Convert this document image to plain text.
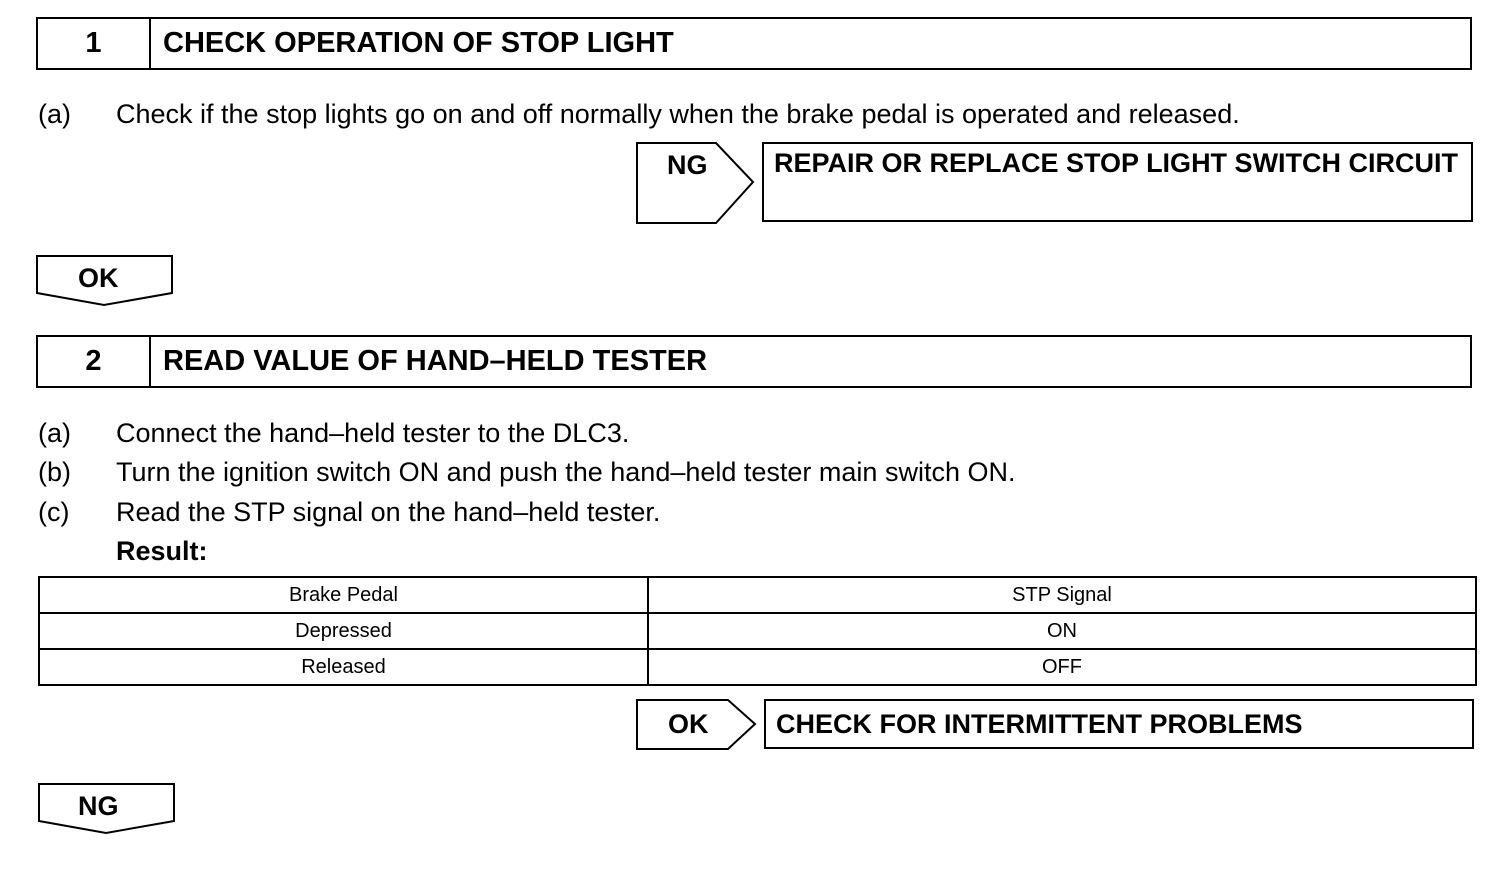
1	CHECK OPERATION OF STOP LIGHT
(a) Check if the stop lights go on and off normally when the brake pedal is operated and released.
NG	REPAIR OR REPLACE STOP LIGHT SWITCH CIRCUIT
OK
2	READ VALUE OF HAND–HELD TESTER
(a) Connect the hand–held tester to the DLC3.
(b) Turn the ignition switch ON and push the hand–held tester main switch ON.
(c) Read the STP signal on the hand–held tester.
Result:
Brake Pedal	STP Signal
Depressed	ON
Released	OFF
OK	CHECK FOR INTERMITTENT PROBLEMS
NG
